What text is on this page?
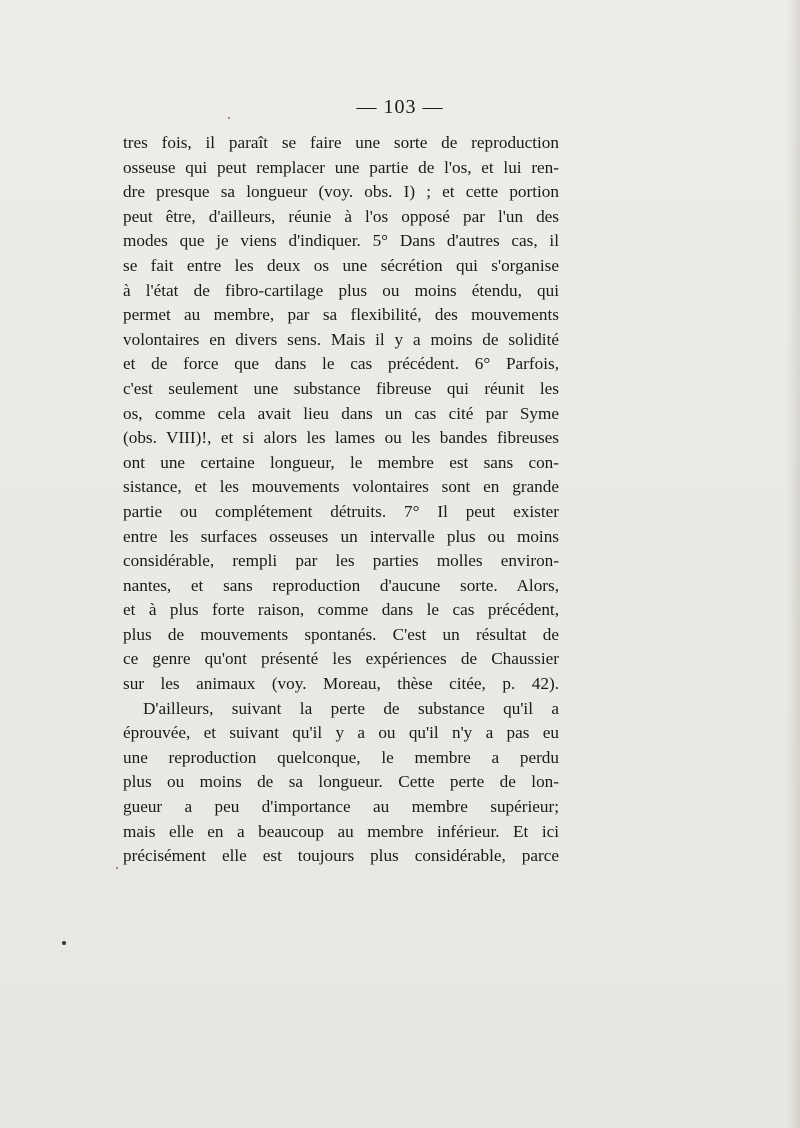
— 103 —
tres fois, il paraît se faire une sorte de reproduction
osseuse qui peut remplacer une partie de l'os, et lui ren-
dre presque sa longueur (voy. obs. I) ; et cette portion
peut être, d'ailleurs, réunie à l'os opposé par l'un des
modes que je viens d'indiquer. 5° Dans d'autres cas, il
se fait entre les deux os une sécrétion qui s'organise
à l'état de fibro-cartilage plus ou moins étendu, qui
permet au membre, par sa flexibilité, des mouvements
volontaires en divers sens. Mais il y a moins de solidité
et de force que dans le cas précédent. 6° Parfois,
c'est seulement une substance fibreuse qui réunit les
os, comme cela avait lieu dans un cas cité par Syme
(obs. VIII)!, et si alors les lames ou les bandes fibreuses
ont une certaine longueur, le membre est sans con-
sistance, et les mouvements volontaires sont en grande
partie ou complétement détruits. 7° Il peut exister
entre les surfaces osseuses un intervalle plus ou moins
considérable, rempli par les parties molles environ-
nantes, et sans reproduction d'aucune sorte. Alors,
et à plus forte raison, comme dans le cas précédent,
plus de mouvements spontanés. C'est un résultat de
ce genre qu'ont présenté les expériences de Chaussier
sur les animaux (voy. Moreau, thèse citée, p. 42).
D'ailleurs, suivant la perte de substance qu'il a
éprouvée, et suivant qu'il y a ou qu'il n'y a pas eu
une reproduction quelconque, le membre a perdu
plus ou moins de sa longueur. Cette perte de lon-
gueur a peu d'importance au membre supérieur;
mais elle en a beaucoup au membre inférieur. Et ici
précisément elle est toujours plus considérable, parce
